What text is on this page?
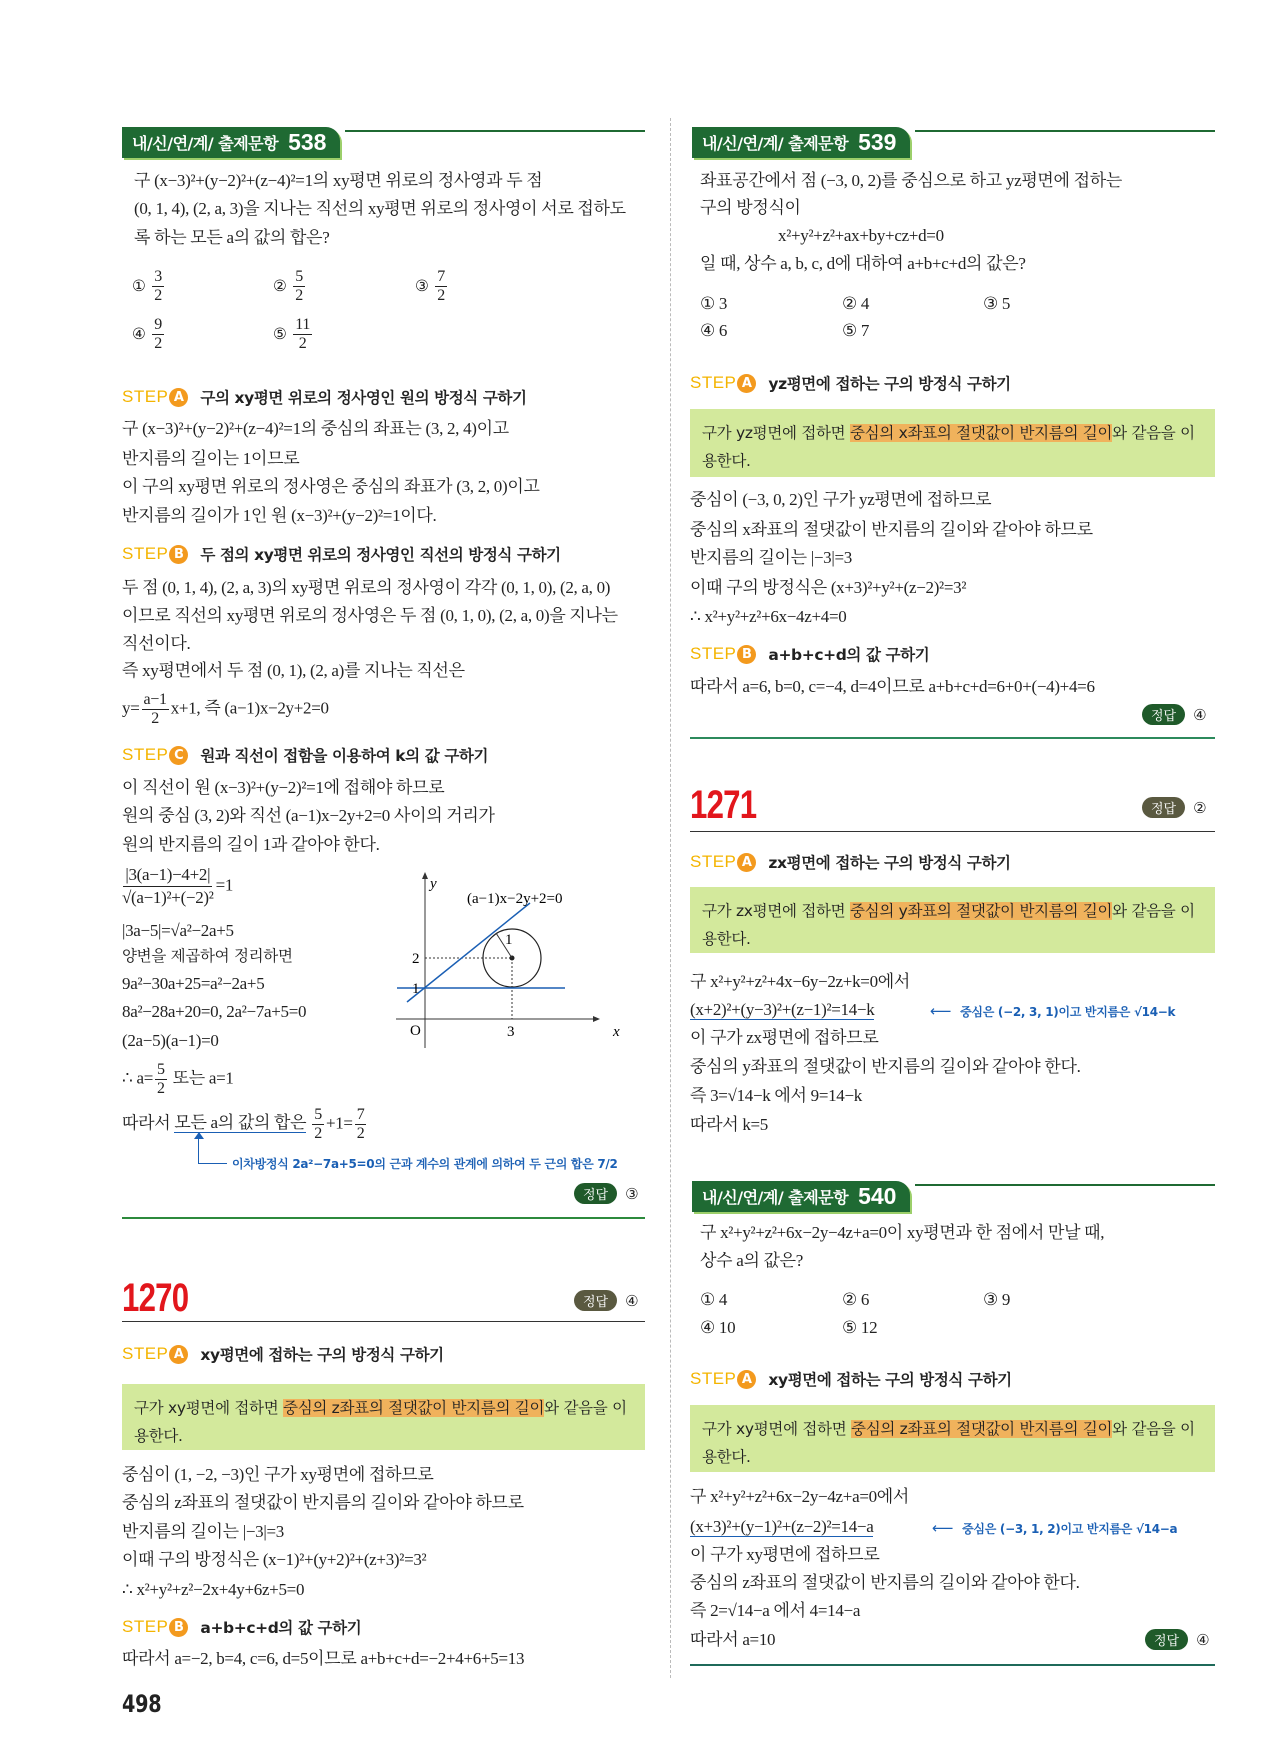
내/신/연/계/ 출제문항 538
구 (x−3)²+(y−2)²+(z−4)²=1의 xy평면 위로의 정사영과 두 점
(0, 1, 4), (2, a, 3)을 지나는 직선의 xy평면 위로의 정사영이 서로 접하도
록 하는 모든 a의 값의 합은?
① $\frac{3}{2}$	② $\frac{5}{2}$	③ $\frac{7}{2}$
④ $\frac{9}{2}$	⑤ $\frac{11}{2}$
STEP A 구의 xy평면 위로의 정사영인 원의 방정식 구하기
구 (x−3)²+(y−2)²+(z−4)²=1의 중심의 좌표는 (3, 2, 4)이고
반지름의 길이는 1이므로
이 구의 xy평면 위로의 정사영은 중심의 좌표가 (3, 2, 0)이고
반지름의 길이가 1인 원 (x−3)²+(y−2)²=1이다.
STEP B 두 점의 xy평면 위로의 정사영인 직선의 방정식 구하기
두 점 (0, 1, 4), (2, a, 3)의 xy평면 위로의 정사영이 각각 (0, 1, 0), (2, a, 0)
이므로 직선의 xy평면 위로의 정사영은 두 점 (0, 1, 0), (2, a, 0)을 지나는
직선이다.
즉 xy평면에서 두 점 (0, 1), (2, a)를 지나는 직선은
$y= \frac{a-1}{2} x+1$, 즉 (a−1)x−2y+2=0
STEP C	원과 직선이 접함을 이용하여 k의 값 구하기
이 직선이 원 (x−3)²+(y−2)²=1에 접해야 하므로
원의 중심 (3, 2)와 직선 (a−1)x−2y+2=0 사이의 거리가
원의 반지름의 길이 1과 같아야 한다.
$\frac{|3(a-1)-4+2|}{\text{√(a−1)²+(−2)²}} =1$
|3a−5|=√a²−2a+5
양변을 제곱하여 정리하면
9a²−30a+25=a²−2a+5
8a²−28a+20=0, 2a²−7a+5=0
(2a−5)(a−1)=0
∴ $a= \frac{5}{2}$ 또는 a=1
따라서 모든 a의 값의 합은 $\frac{5}{2} +1= \frac{7}{2}$
이차방정식 2a²−7a+5=0의 근과 계수의 관계에 의하여 두 근의 합은 7/2
정답	③
y
x
O	3
2
1
1
(a−1)x−2y+2=0
1270	정답	④
STEP A xy평면에 접하는 구의 방정식 구하기
구가 xy평면에 접하면 중심의 z좌표의 절댓값이 반지름의 길이와 같음을 이용한다.
중심이 (1, −2, −3)인 구가 xy평면에 접하므로
중심의 z좌표의 절댓값이 반지름의 길이와 같아야 하므로
반지름의 길이는 |−3|=3
이때 구의 방정식은 (x−1)²+(y+2)²+(z+3)²=3²
∴ x²+y²+z²−2x+4y+6z+5=0
STEP B a+b+c+d의 값 구하기
따라서 a=−2, b=4, c=6, d=5이므로 a+b+c+d=−2+4+6+5=13
498
내/신/연/계/ 출제문항 539
좌표공간에서 점 (−3, 0, 2)를 중심으로 하고 yz평면에 접하는
구의 방정식이
x²+y²+z²+ax+by+cz+d=0
일 때, 상수 a, b, c, d에 대하여 a+b+c+d의 값은?
① 3	② 4	③ 5
④ 6	⑤ 7
STEP A yz평면에 접하는 구의 방정식 구하기
구가 yz평면에 접하면 중심의 x좌표의 절댓값이 반지름의 길이와 같음을 이용한다.
중심이 (−3, 0, 2)인 구가 yz평면에 접하므로
중심의 x좌표의 절댓값이 반지름의 길이와 같아야 하므로
반지름의 길이는 |−3|=3
이때 구의 방정식은 (x+3)²+y²+(z−2)²=3²
∴ x²+y²+z²+6x−4z+4=0
STEP B a+b+c+d의 값 구하기
따라서 a=6, b=0, c=−4, d=4이므로 a+b+c+d=6+0+(−4)+4=6
정답	④
1271	정답	②
STEP A zx평면에 접하는 구의 방정식 구하기
구가 zx평면에 접하면 중심의 y좌표의 절댓값이 반지름의 길이와 같음을 이용한다.
구 x²+y²+z²+4x−6y−2z+k=0에서
(x+2)²+(y−3)²+(z−1)²=14−k	⟵  중심은 (−2, 3, 1)이고 반지름은 √14−k
이 구가 zx평면에 접하므로
중심의 y좌표의 절댓값이 반지름의 길이와 같아야 한다.
즉 3=√14−k 에서 9=14−k
따라서 k=5
내/신/연/계/ 출제문항 540
구 x²+y²+z²+6x−2y−4z+a=0이 xy평면과 한 점에서 만날 때,
상수 a의 값은?
① 4	② 6	③ 9
④ 10	⑤ 12
STEP A xy평면에 접하는 구의 방정식 구하기
구가 xy평면에 접하면 중심의 z좌표의 절댓값이 반지름의 길이와 같음을 이용한다.
구 x²+y²+z²+6x−2y−4z+a=0에서
(x+3)²+(y−1)²+(z−2)²=14−a	⟵  중심은 (−3, 1, 2)이고 반지름은 √14−a
이 구가 xy평면에 접하므로
중심의 z좌표의 절댓값이 반지름의 길이와 같아야 한다.
즉 2=√14−a 에서 4=14−a
따라서 a=10	정답	④
